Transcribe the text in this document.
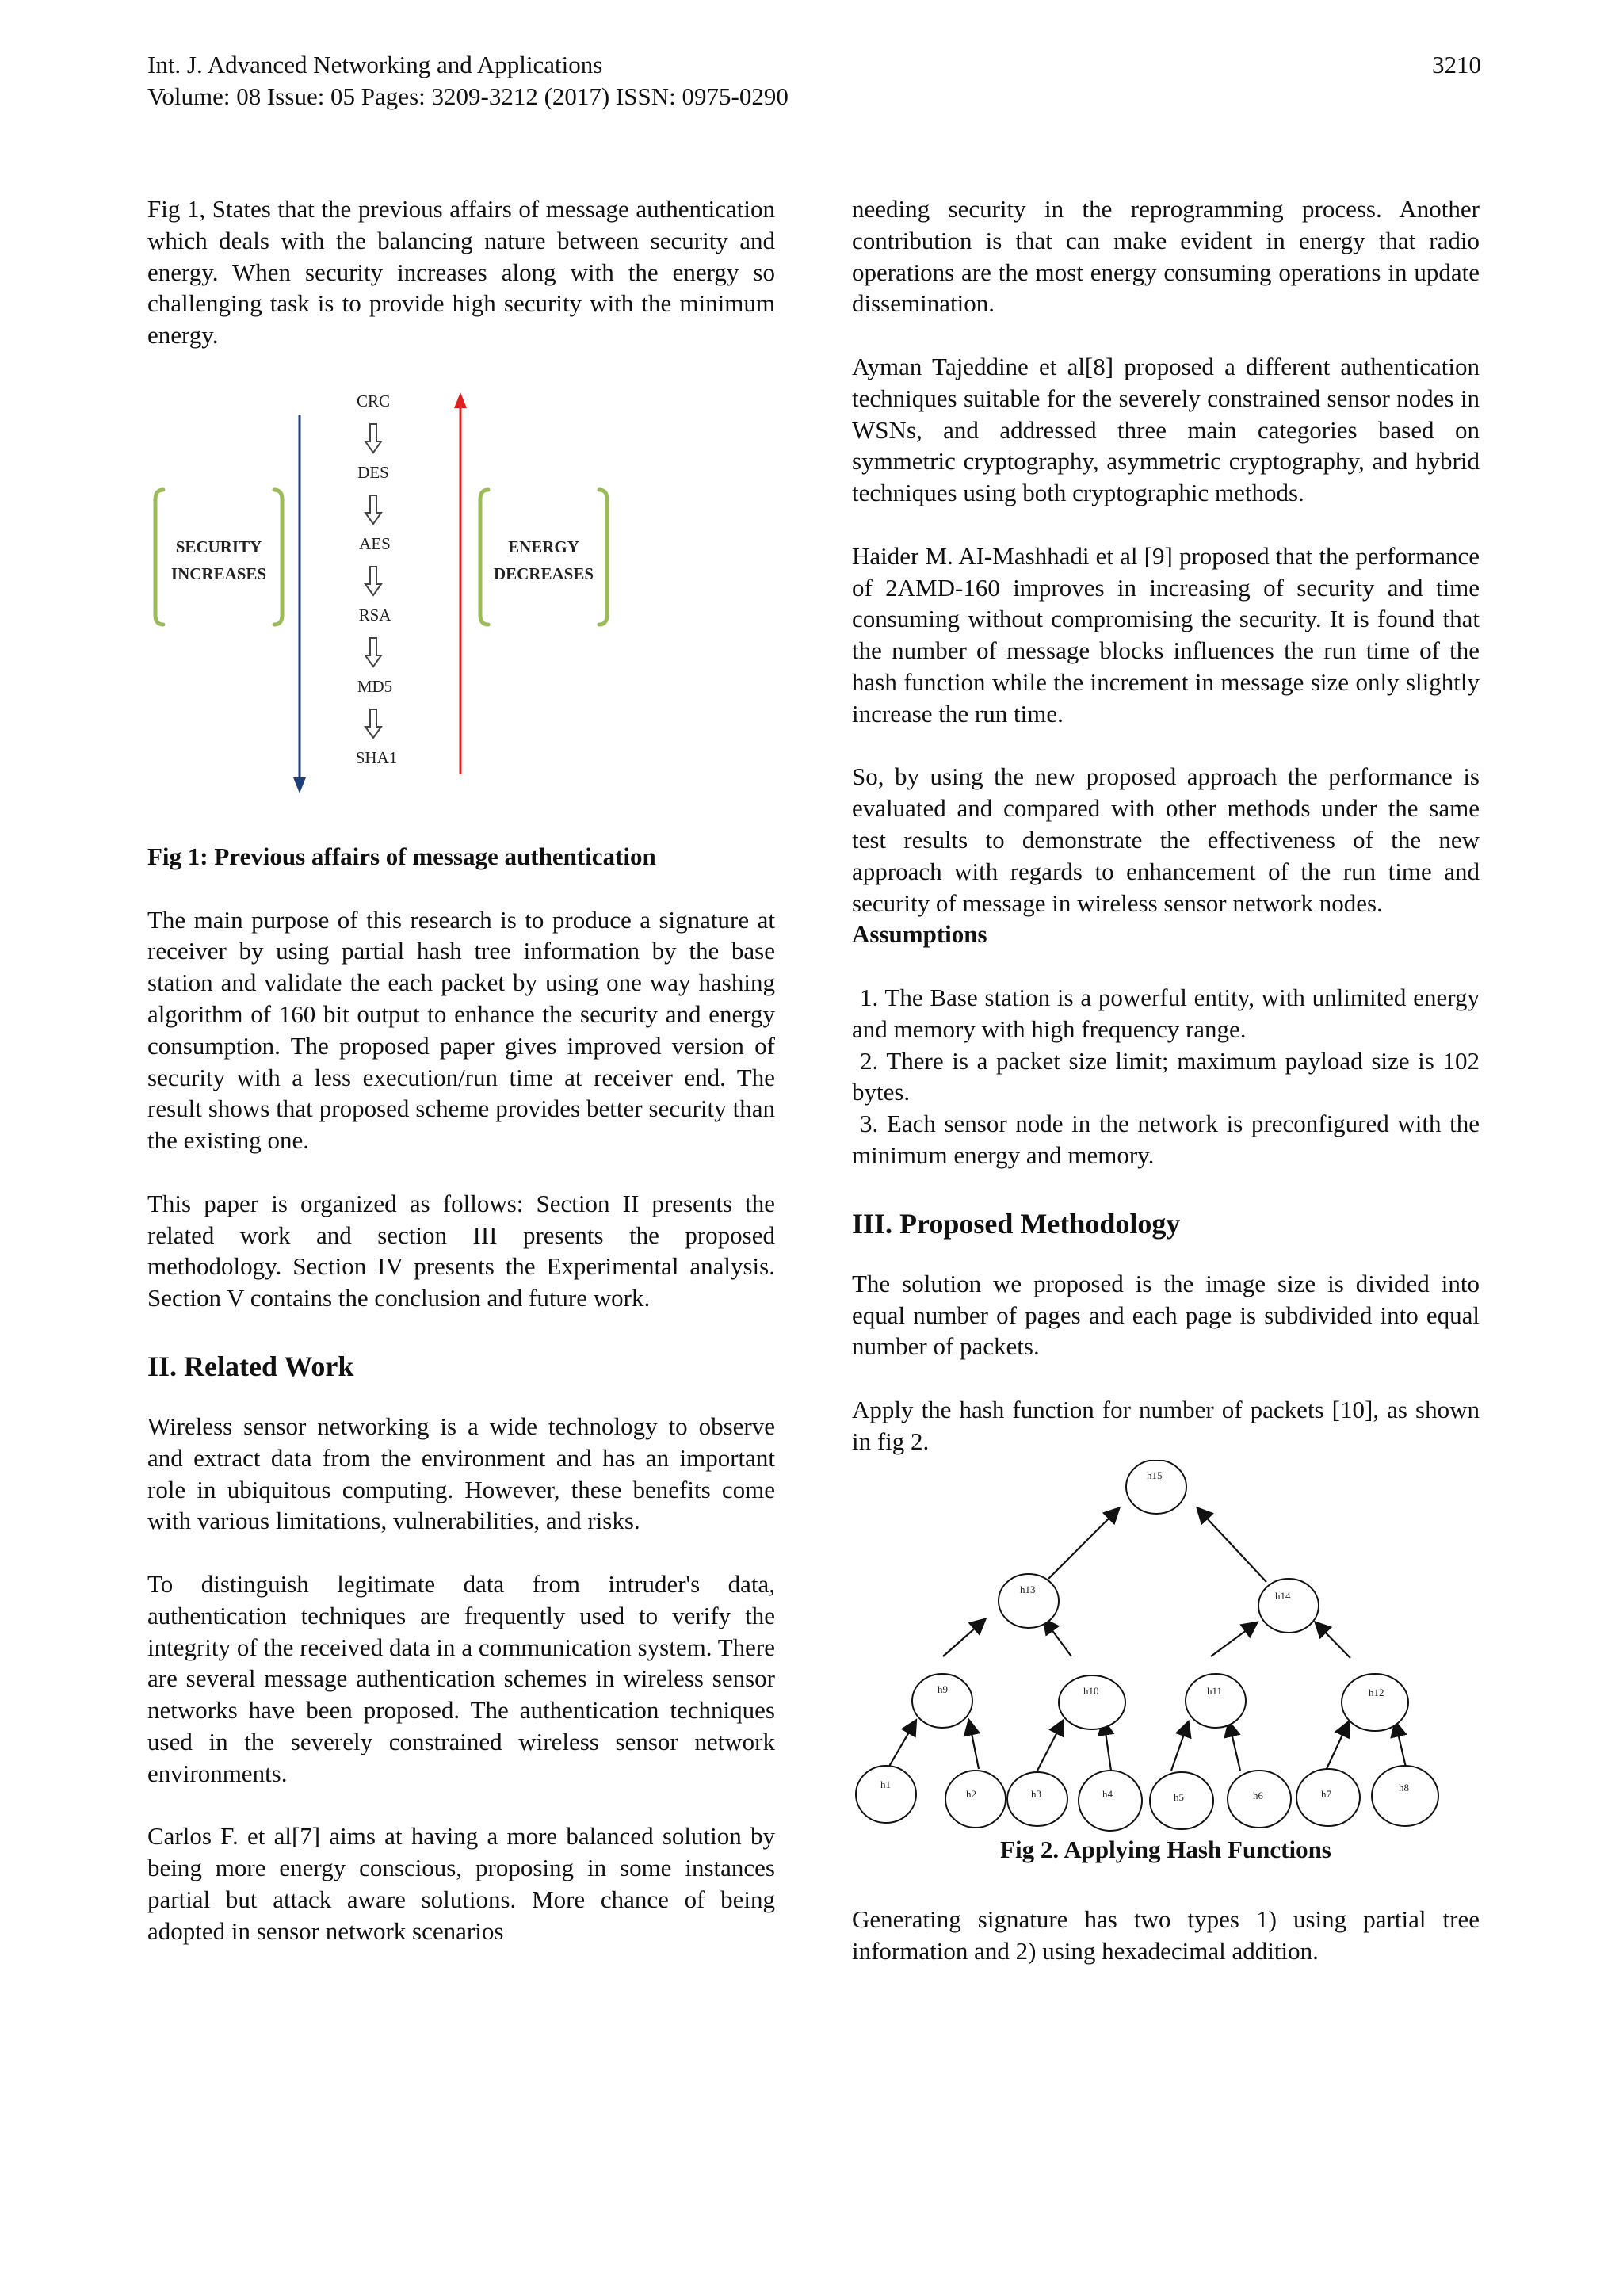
Int. J. Advanced Networking and Applications
Volume: 08 Issue: 05 Pages: 3209-3212 (2017) ISSN: 0975-0290
3210

Fig 1, States that the previous affairs of message authentication which deals with the balancing nature between security and energy. When security increases along with the energy so challenging task is to provide high security with the minimum energy.

SECURITY
INCREASES
CRC
DES
AES
RSA
MD5
SHA1
ENERGY
DECREASES

Fig 1: Previous affairs of message authentication

The main purpose of this research is to produce a signature at receiver by using partial hash tree information by the base station and validate the each packet by using one way hashing algorithm of 160 bit output to enhance the security and energy consumption. The proposed paper gives improved version of security with a less execution/run time at receiver end. The result shows that proposed scheme provides better security than the existing one.

This paper is organized as follows: Section II presents the related work and section III presents the proposed methodology. Section IV presents the Experimental analysis. Section V contains the conclusion and future work.

II. Related Work

Wireless sensor networking is a wide technology to observe and extract data from the environment and has an important role in ubiquitous computing. However, these benefits come with various limitations, vulnerabilities, and risks.

To distinguish legitimate data from intruder's data, authentication techniques are frequently used to verify the integrity of the received data in a communication system. There are several message authentication schemes in wireless sensor networks have been proposed. The authentication techniques used in the severely constrained wireless sensor network environments.

Carlos F. et al[7] aims at having a more balanced solution by being more energy conscious, proposing in some instances partial but attack aware solutions. More chance of being adopted in sensor network scenarios

needing security in the reprogramming process. Another contribution is that can make evident in energy that radio operations are the most energy consuming operations in update dissemination.

Ayman Tajeddine et al[8] proposed a different authentication techniques suitable for the severely constrained sensor nodes in WSNs, and addressed three main categories based on symmetric cryptography, asymmetric cryptography, and hybrid techniques using both cryptographic methods.

Haider M. AI-Mashhadi et al [9] proposed that the performance of 2AMD-160 improves in increasing of security and time consuming without compromising the security. It is found that the number of message blocks influences the run time of the hash function while the increment in message size only slightly increase the run time.

So, by using the new proposed approach the performance is evaluated and compared with other methods under the same test results to demonstrate the effectiveness of the new approach with regards to enhancement of the run time and security of message in wireless sensor network nodes.

Assumptions

1. The Base station is a powerful entity, with unlimited energy and memory with high frequency range.

2. There is a packet size limit; maximum payload size is 102 bytes.

3. Each sensor node in the network is preconfigured with the minimum energy and memory.

III. Proposed Methodology

The solution we proposed is the image size is divided into equal number of pages and each page is subdivided into equal number of packets.

Apply the hash function for number of packets [10], as shown in fig 2.

h15
h13
h14
h9	h10	h11	h12
h1
h2	h3	h4	h5	h6	h7
h8

Fig 2. Applying Hash Functions

Generating signature has two types 1) using partial tree information and 2) using hexadecimal addition.
